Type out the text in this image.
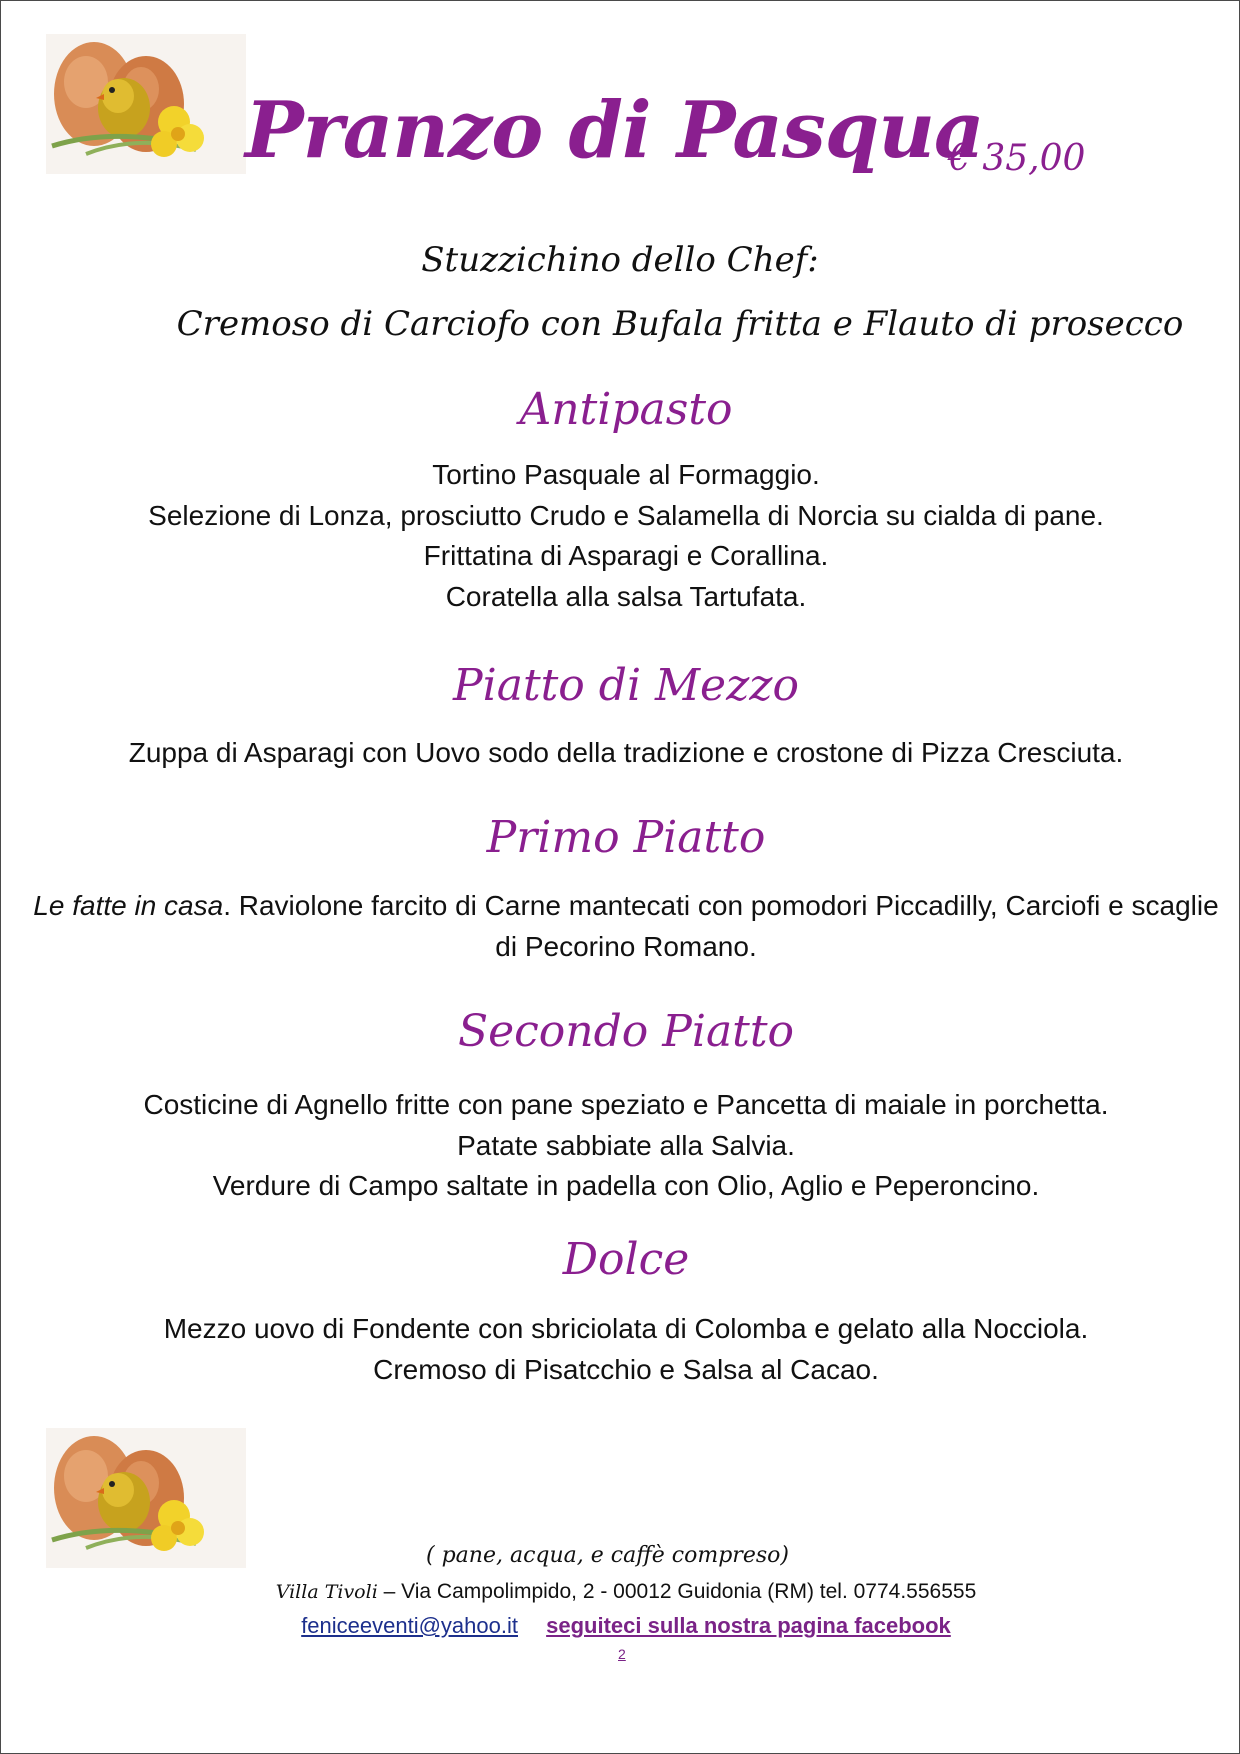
Pranzo di Pasqua
€ 35,00
Stuzzichino dello Chef:
Cremoso di Carciofo con Bufala fritta e Flauto di prosecco
Antipasto
Tortino Pasquale al Formaggio.
Selezione di Lonza, prosciutto Crudo e Salamella di Norcia su cialda di pane.
Frittatina di Asparagi e Corallina.
Coratella alla salsa Tartufata.
Piatto di Mezzo
Zuppa di Asparagi con Uovo sodo della tradizione e crostone di Pizza Cresciuta.
Primo Piatto
Le fatte in casa. Raviolone farcito di Carne mantecati con pomodori Piccadilly, Carciofi e scaglie di Pecorino Romano.
Secondo Piatto
Costicine di Agnello fritte con pane speziato e Pancetta di maiale in porchetta.
Patate sabbiate alla Salvia.
Verdure di Campo saltate in padella con Olio, Aglio e Peperoncino.
Dolce
Mezzo uovo di Fondente con sbriciolata di Colomba e gelato alla Nocciola.
Cremoso di Pisatcchio e Salsa al Cacao.
( pane, acqua, e caffè compreso)
Villa Tivoli – Via Campolimpido, 2 - 00012 Guidonia (RM) tel. 0774.556555
feniceeventi@yahoo.it seguiteci sulla nostra pagina facebook
2
